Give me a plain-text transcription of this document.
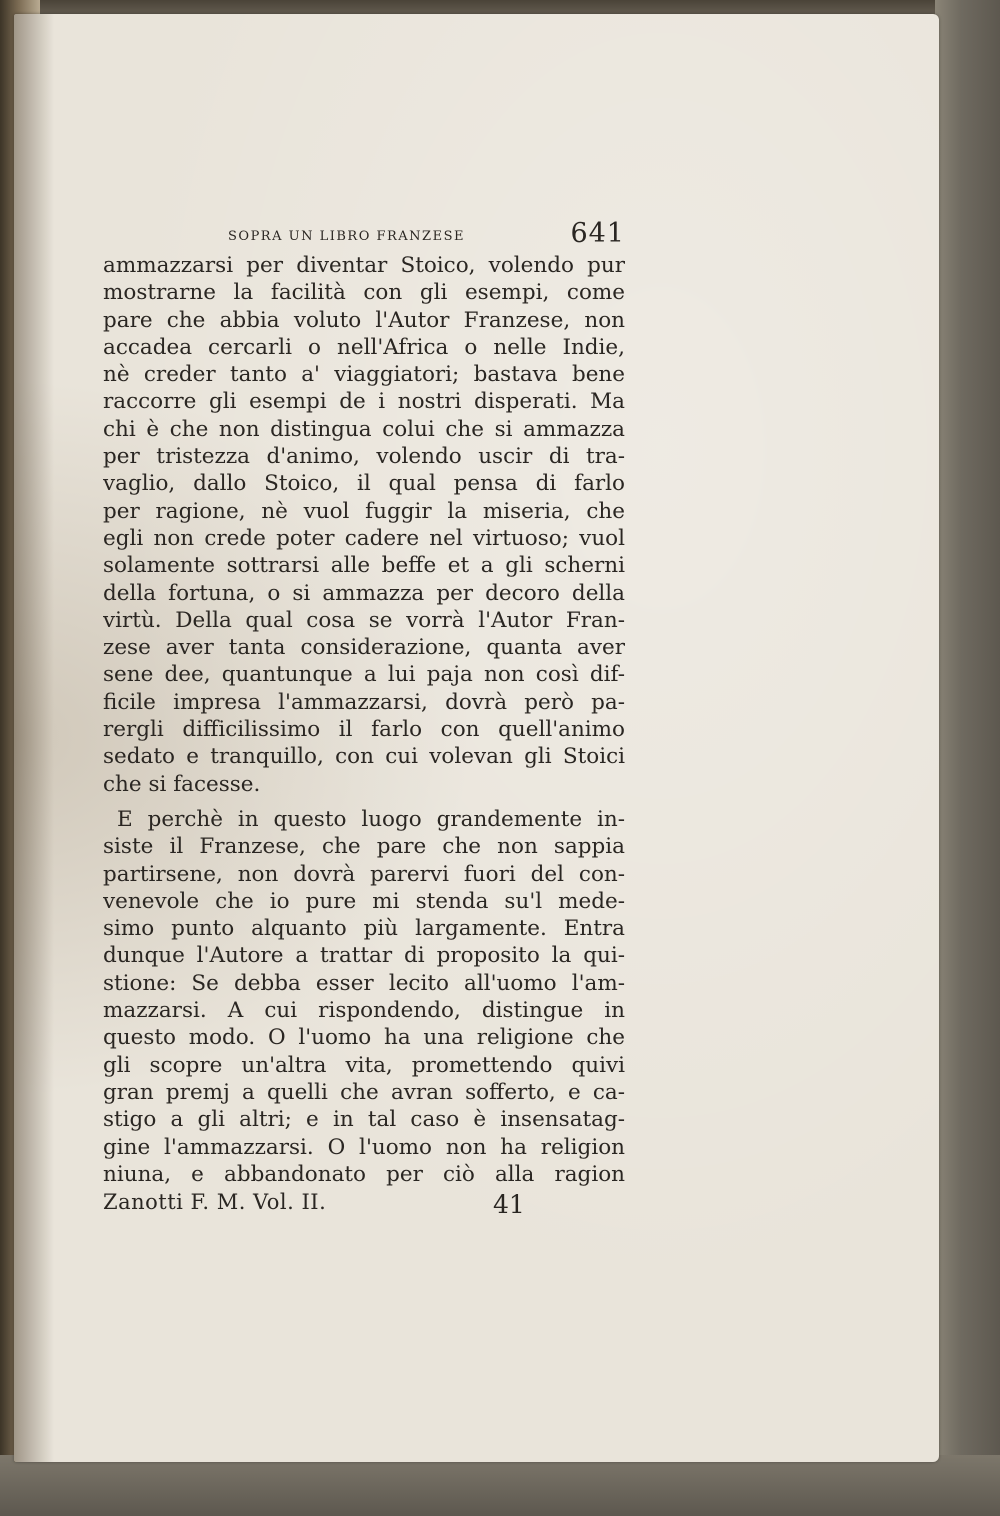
SOPRA UN LIBRO FRANZESE	641
ammazzarsi per diventar Stoico, volendo pur
mostrarne la facilità con gli esempi, come
pare che abbia voluto l'Autor Franzese, non
accadea cercarli o nell'Africa o nelle Indie,
nè creder tanto a' viaggiatori; bastava bene
raccorre gli esempi de i nostri disperati. Ma
chi è che non distingua colui che si ammazza
per tristezza d'animo, volendo uscir di tra-
vaglio, dallo Stoico, il qual pensa di farlo
per ragione, nè vuol fuggir la miseria, che
egli non crede poter cadere nel virtuoso; vuol
solamente sottrarsi alle beffe et a gli scherni
della fortuna, o si ammazza per decoro della
virtù. Della qual cosa se vorrà l'Autor Fran-
zese aver tanta considerazione, quanta aver
sene dee, quantunque a lui paja non così dif-
ficile impresa l'ammazzarsi, dovrà però pa-
rergli difficilissimo il farlo con quell'animo
sedato e tranquillo, con cui volevan gli Stoici
che si facesse.
E perchè in questo luogo grandemente in-
siste il Franzese, che pare che non sappia
partirsene, non dovrà parervi fuori del con-
venevole che io pure mi stenda su'l mede-
simo punto alquanto più largamente. Entra
dunque l'Autore a trattar di proposito la qui-
stione: Se debba esser lecito all'uomo l'am-
mazzarsi. A cui rispondendo, distingue in
questo modo. O l'uomo ha una religione che
gli scopre un'altra vita, promettendo quivi
gran premj a quelli che avran sofferto, e ca-
stigo a gli altri; e in tal caso è insensatag-
gine l'ammazzarsi. O l'uomo non ha religion
niuna, e abbandonato per ciò alla ragion
Zanotti F. M. Vol. II.	41
